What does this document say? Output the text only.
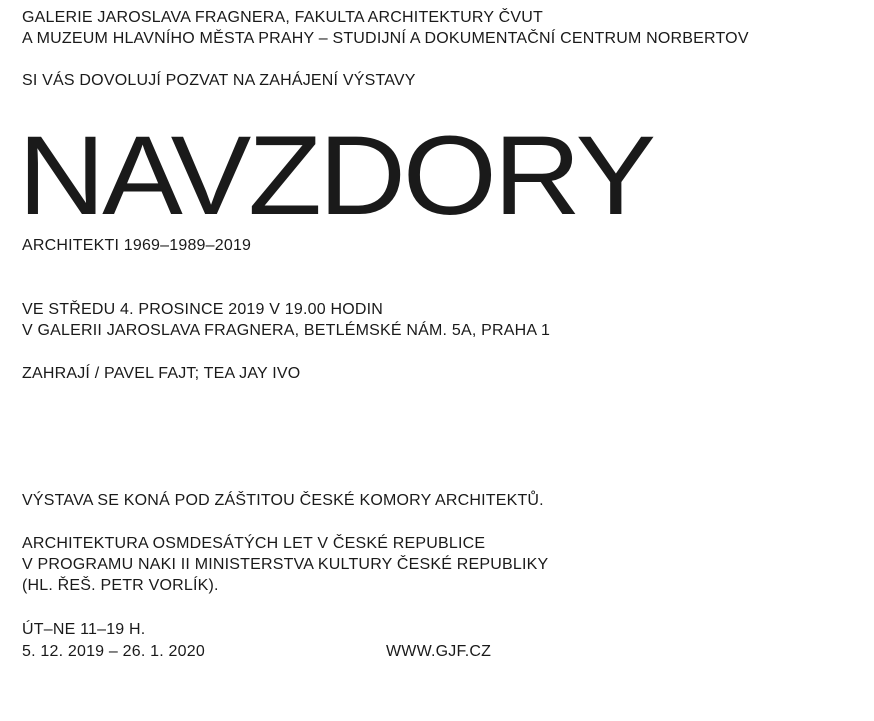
GALERIE JAROSLAVA FRAGNERA, FAKULTA ARCHITEKTURY ČVUT
A MUZEUM HLAVNÍHO MĚSTA PRAHY – STUDIJNÍ A DOKUMENTAČNÍ CENTRUM NORBERTOV
SI VÁS DOVOLUJÍ POZVAT NA ZAHÁJENÍ VÝSTAVY
NAVZDORY
ARCHITEKTI 1969–1989–2019
VE STŘEDU 4. PROSINCE 2019 V 19.00 HODIN
V GALERII JAROSLAVA FRAGNERA, BETLÉMSKÉ NÁM. 5A, PRAHA 1
ZAHRAJÍ / PAVEL FAJT; TEA JAY IVO
VÝSTAVA SE KONÁ POD ZÁŠTITOU ČESKÉ KOMORY ARCHITEKTŮ.
ARCHITEKTURA OSMDESÁTÝCH LET V ČESKÉ REPUBLICE
V PROGRAMU NAKI II MINISTERSTVA KULTURY ČESKÉ REPUBLIKY
(HL. ŘEŠ. PETR VORLÍK).
ÚT–NE 11–19 H.
5. 12. 2019 – 26. 1. 2020	WWW.GJF.CZ
